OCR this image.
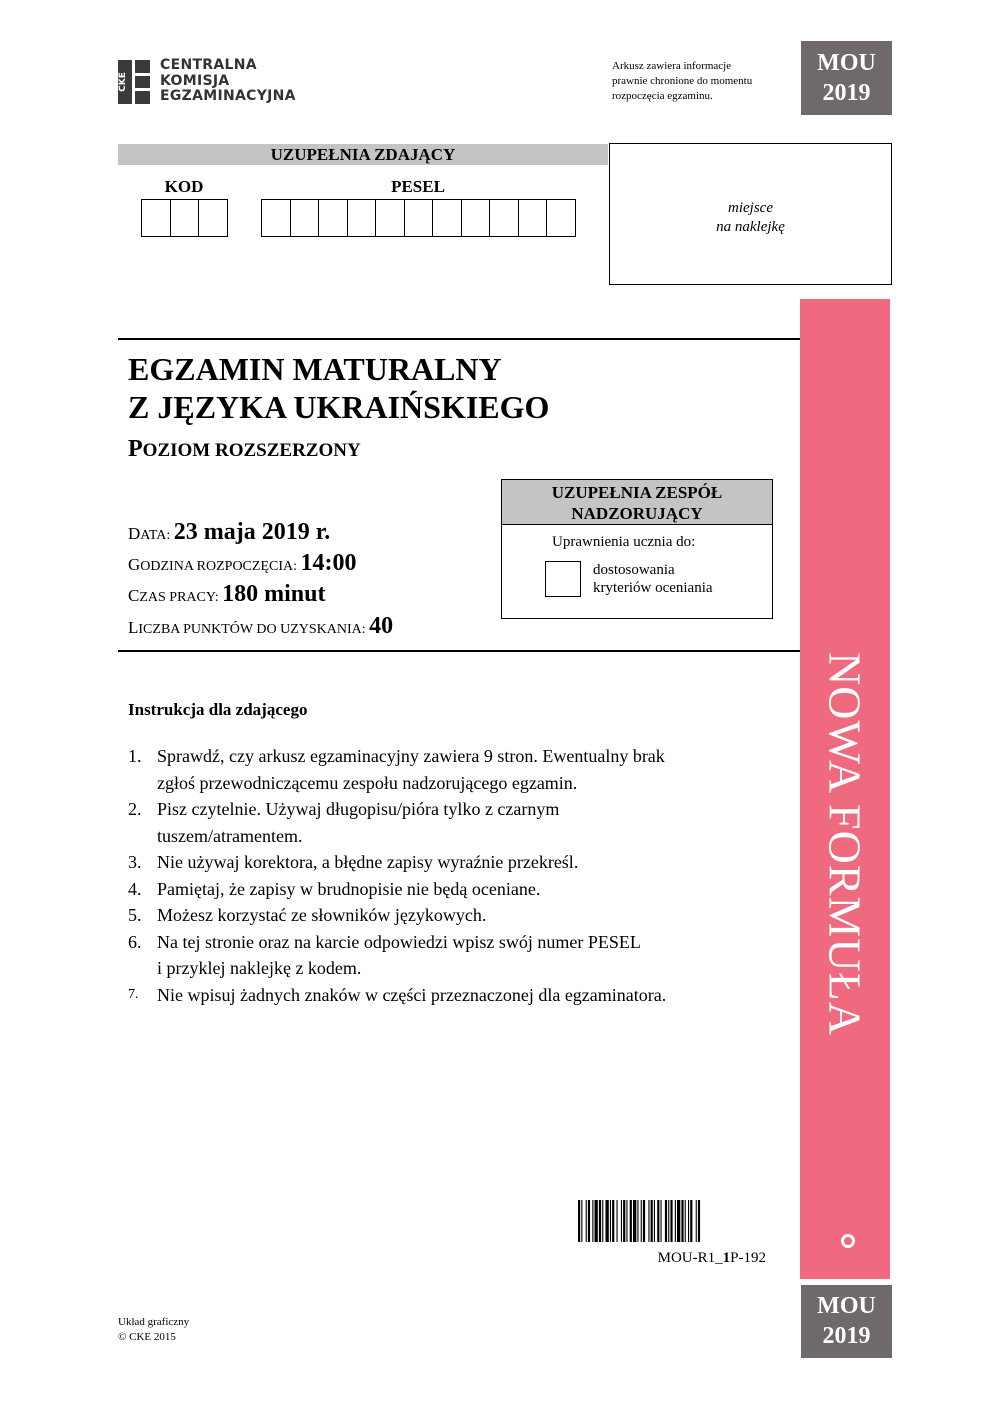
CKE
CENTRALNA
KOMISJA
EGZAMINACYJNA
Arkusz zawiera informacje
prawnie chronione do momentu
rozpoczęcia egzaminu.
MOU
2019
MOU
2019
UZUPEŁNIA ZDAJĄCY
KOD	PESEL
miejsce
na naklejkę
NOWA FORMUŁA
EGZAMIN MATURALNY
Z JĘZYKA UKRAIŃSKIEGO
POZIOM ROZSZERZONY
DATA: 23 maja 2019 r.
GODZINA ROZPOCZĘCIA: 14:00
CZAS PRACY: 180 minut
LICZBA PUNKTÓW DO UZYSKANIA: 40
UZUPEŁNIA ZESPÓŁ
NADZORUJĄCY
Uprawnienia ucznia do:
dostosowania
kryteriów oceniania
Instrukcja dla zdającego
1. Sprawdź, czy arkusz egzaminacyjny zawiera 9 stron. Ewentualny brak
zgłoś przewodniczącemu zespołu nadzorującego egzamin.
2. Pisz czytelnie. Używaj długopisu/pióra tylko z czarnym
tuszem/atramentem.
3. Nie używaj korektora, a błędne zapisy wyraźnie przekreśl.
4. Pamiętaj, że zapisy w brudnopisie nie będą oceniane.
5. Możesz korzystać ze słowników językowych.
6. Na tej stronie oraz na karcie odpowiedzi wpisz swój numer PESEL
i przyklej naklejkę z kodem.
7.	Nie wpisuj żadnych znaków w części przeznaczonej dla egzaminatora.
MOU-R1_1P-192
Układ graficzny
© CKE 2015
